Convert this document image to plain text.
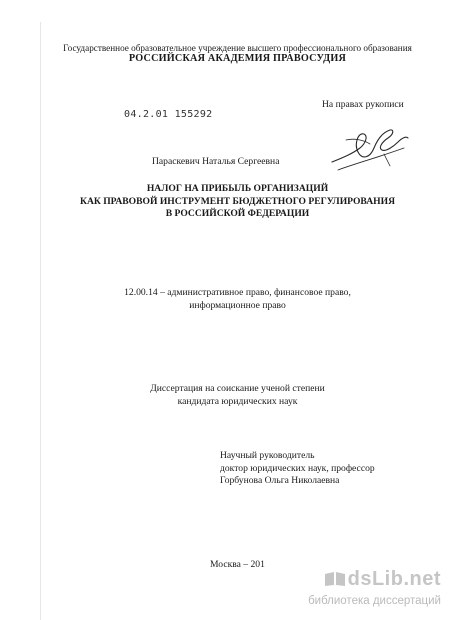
Государственное образовательное учреждение высшего профессионального образования
РОССИЙСКАЯ АКАДЕМИЯ ПРАВОСУДИЯ
04.2.01 155292
На правах рукописи
Параскевич Наталья Сергеевна
НАЛОГ НА ПРИБЫЛЬ ОРГАНИЗАЦИЙ
КАК ПРАВОВОЙ ИНСТРУМЕНТ БЮДЖЕТНОГО РЕГУЛИРОВАНИЯ
В РОССИЙСКОЙ ФЕДЕРАЦИИ
12.00.14 – административное право, финансовое право,
информационное право
Диссертация на соискание ученой степени
кандидата юридических наук
Научный руководитель
доктор юридических наук, профессор
Горбунова Ольга Николаевна
Москва – 201
dsLib.net
библиотека диссертаций
